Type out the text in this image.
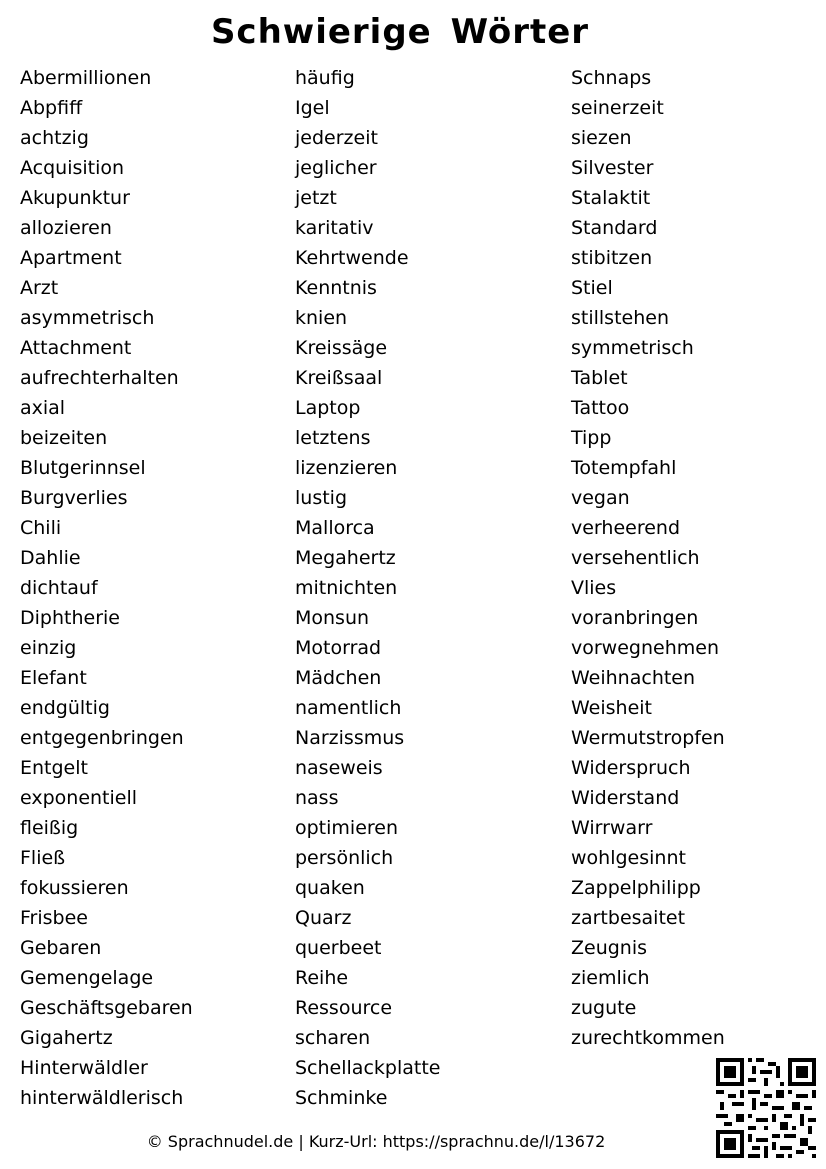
Schwierige Wörter
Abermillionen
Abpfiff
achtzig
Acquisition
Akupunktur
allozieren
Apartment
Arzt
asymmetrisch
Attachment
aufrechterhalten
axial
beizeiten
Blutgerinnsel
Burgverlies
Chili
Dahlie
dichtauf
Diphtherie
einzig
Elefant
endgültig
entgegenbringen
Entgelt
exponentiell
fleißig
Fließ
fokussieren
Frisbee
Gebaren
Gemengelage
Geschäftsgebaren
Gigahertz
Hinterwäldler
hinterwäldlerisch
häufig
Igel
jederzeit
jeglicher
jetzt
karitativ
Kehrtwende
Kenntnis
knien
Kreissäge
Kreißsaal
Laptop
letztens
lizenzieren
lustig
Mallorca
Megahertz
mitnichten
Monsun
Motorrad
Mädchen
namentlich
Narzissmus
naseweis
nass
optimieren
persönlich
quaken
Quarz
querbeet
Reihe
Ressource
scharen
Schellackplatte
Schminke
Schnaps
seinerzeit
siezen
Silvester
Stalaktit
Standard
stibitzen
Stiel
stillstehen
symmetrisch
Tablet
Tattoo
Tipp
Totempfahl
vegan
verheerend
versehentlich
Vlies
voranbringen
vorwegnehmen
Weihnachten
Weisheit
Wermutstropfen
Widerspruch
Widerstand
Wirrwarr
wohlgesinnt
Zappelphilipp
zartbesaitet
Zeugnis
ziemlich
zugute
zurechtkommen
© Sprachnudel.de | Kurz-Url: https://sprachnu.de/l/13672
